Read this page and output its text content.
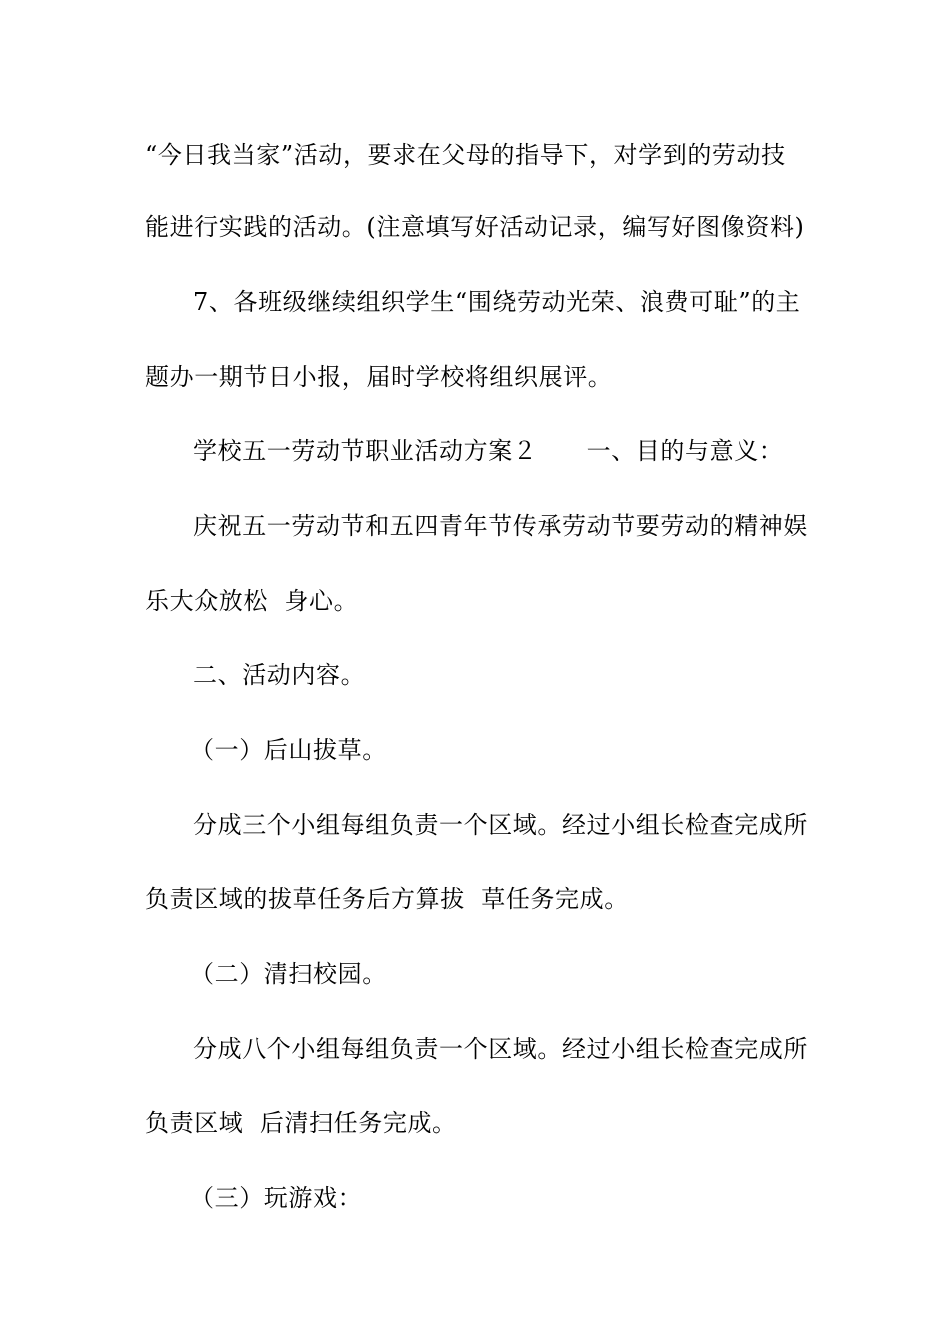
“今日我当家”活动，要求在父母的指导下，对学到的劳动技
能进行实践的活动。(注意填写好活动记录，编写好图像资料)
7、各班级继续组织学生“围绕劳动光荣、浪费可耻”的主
题办一期节日小报，届时学校将组织展评。
学校五一劳动节职业活动方案２　　一、目的与意义：
庆祝五一劳动节和五四青年节传承劳动节要劳动的精神娱
乐大众放松  身心。
二、活动内容。
（一）后山拔草。
分成三个小组每组负责一个区域。经过小组长检查完成所
负责区域的拔草任务后方算拔  草任务完成。
（二）清扫校园。
分成八个小组每组负责一个区域。经过小组长检查完成所
负责区域  后清扫任务完成。
（三）玩游戏：
